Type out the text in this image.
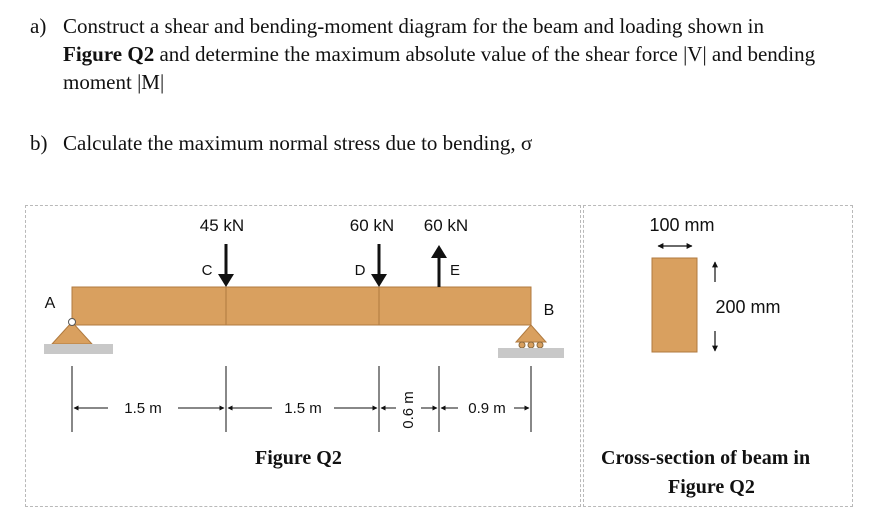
a) Construct a shear and bending-moment diagram for the beam and loading shown in
Figure Q2 and determine the maximum absolute value of the shear force |V| and bending
moment |M|
b) Calculate the maximum normal stress due to bending, σ
45 kN	60 kN 60 kN
C	D	E
A	B
1.5 m	1.5 m	0.6 m	0.9 m
100 mm
200 mm
Figure Q2	Cross-section of beam in
Figure Q2
